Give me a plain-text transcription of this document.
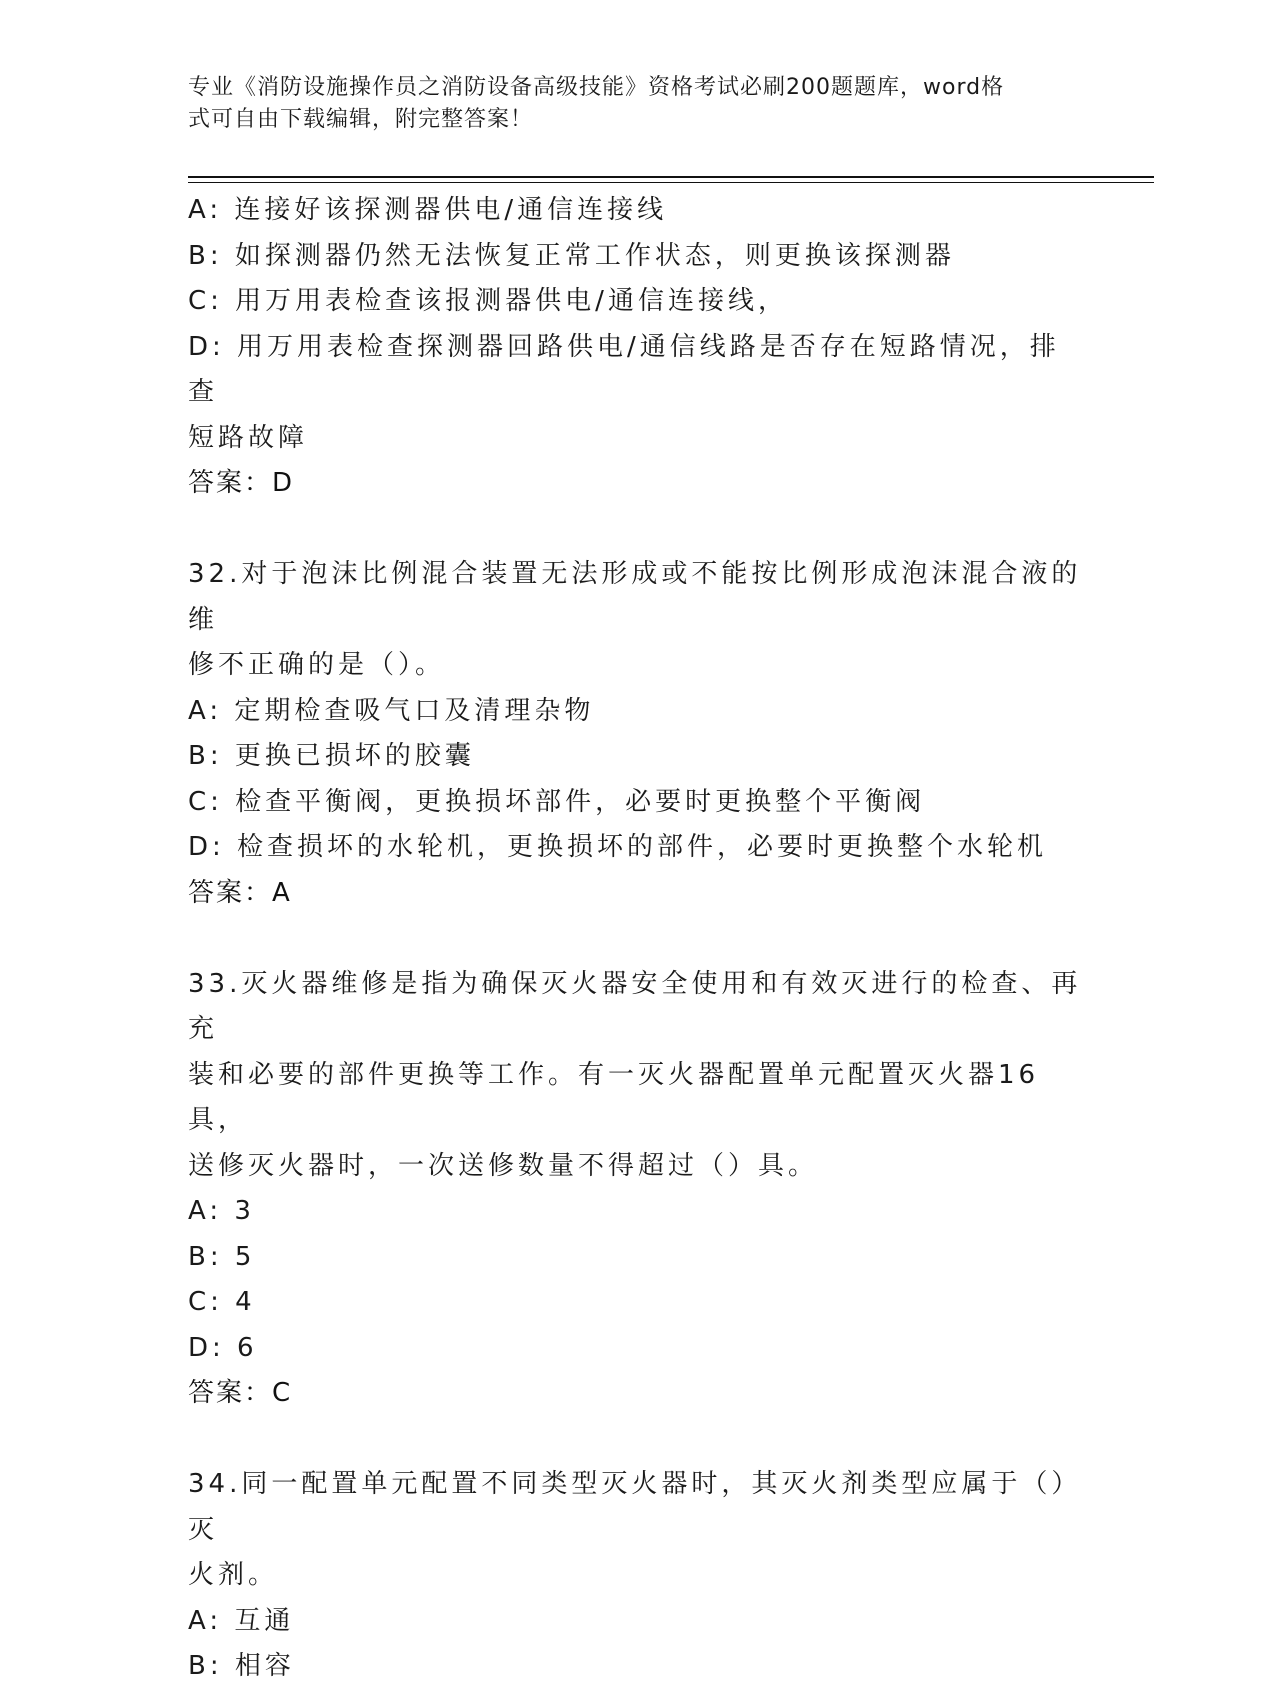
专业《消防设施操作员之消防设备高级技能》资格考试必刷200题题库，word格
式可自由下载编辑，附完整答案！

A: 连接好该探测器供电/通信连接线

B: 如探测器仍然无法恢复正常工作状态，则更换该探测器

C: 用万用表检查该报测器供电/通信连接线，

D: 用万用表检查探测器回路供电/通信线路是否存在短路情况，排查

短路故障

答案：D

32.对于泡沫比例混合装置无法形成或不能按比例形成泡沫混合液的维

修不正确的是（）。

A: 定期检查吸气口及清理杂物

B: 更换已损坏的胶囊

C: 检查平衡阀，更换损坏部件，必要时更换整个平衡阀

D: 检查损坏的水轮机，更换损坏的部件，必要时更换整个水轮机

答案：A

33.灭火器维修是指为确保灭火器安全使用和有效灭进行的检查、再充

装和必要的部件更换等工作。有一灭火器配置单元配置灭火器16具，

送修灭火器时，一次送修数量不得超过（）具。

A: 3

B: 5

C: 4

D: 6

答案：C

34.同一配置单元配置不同类型灭火器时，其灭火剂类型应属于（）灭

火剂。

A: 互通

B: 相容
